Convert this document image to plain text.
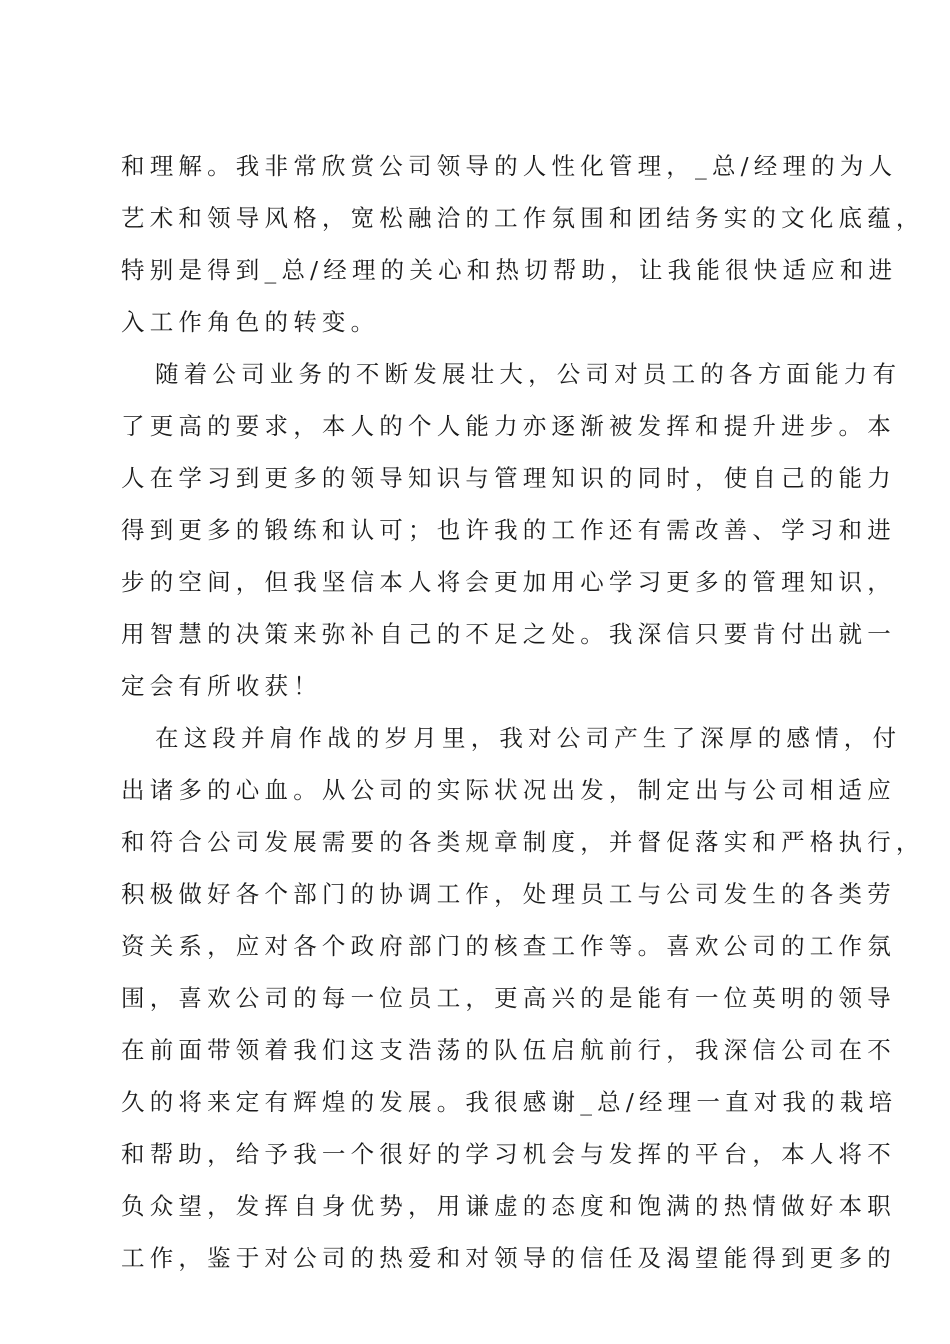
和理解。我非常欣赏公司领导的人性化管理，_总/经理的为人
艺术和领导风格，宽松融洽的工作氛围和团结务实的文化底蕴，
特别是得到_总/经理的关心和热切帮助，让我能很快适应和进
入工作角色的转变。
随着公司业务的不断发展壮大，公司对员工的各方面能力有
了更高的要求，本人的个人能力亦逐渐被发挥和提升进步。本
人在学习到更多的领导知识与管理知识的同时，使自己的能力
得到更多的锻练和认可；也许我的工作还有需改善、学习和进
步的空间，但我坚信本人将会更加用心学习更多的管理知识，
用智慧的决策来弥补自己的不足之处。我深信只要肯付出就一
定会有所收获！
在这段并肩作战的岁月里，我对公司产生了深厚的感情，付
出诸多的心血。从公司的实际状况出发，制定出与公司相适应
和符合公司发展需要的各类规章制度，并督促落实和严格执行，
积极做好各个部门的协调工作，处理员工与公司发生的各类劳
资关系，应对各个政府部门的核查工作等。喜欢公司的工作氛
围，喜欢公司的每一位员工，更高兴的是能有一位英明的领导
在前面带领着我们这支浩荡的队伍启航前行，我深信公司在不
久的将来定有辉煌的发展。我很感谢_总/经理一直对我的栽培
和帮助，给予我一个很好的学习机会与发挥的平台，本人将不
负众望，发挥自身优势，用谦虚的态度和饱满的热情做好本职
工作，鉴于对公司的热爱和对领导的信任及渴望能得到更多的
